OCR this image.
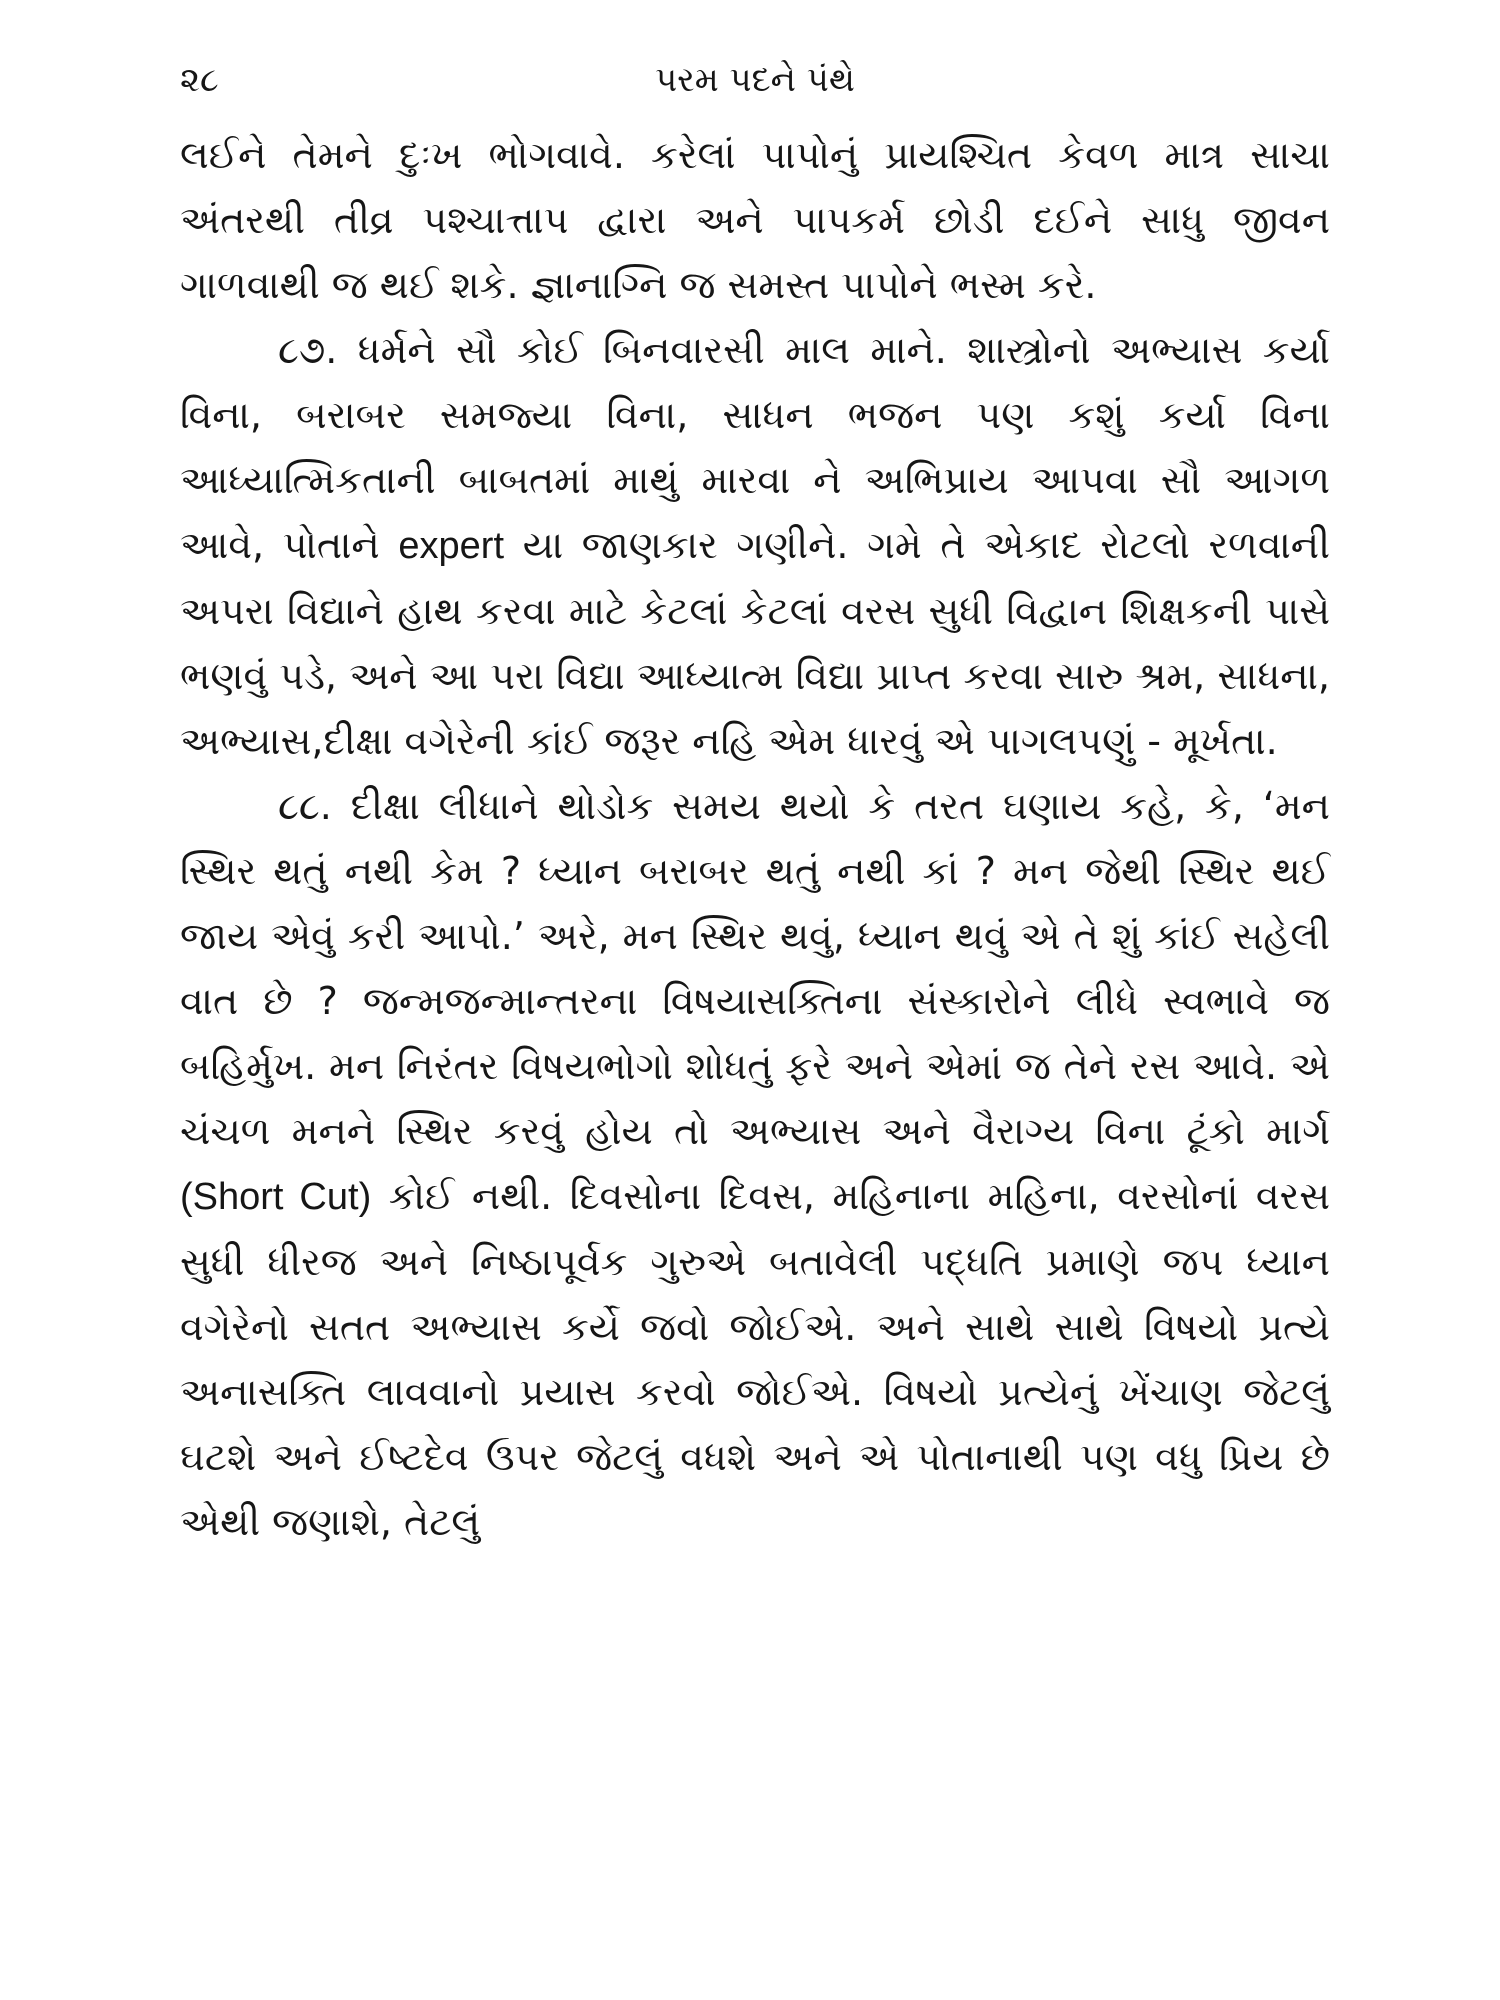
૨૮	પરમ પદને પંથે

લઈને તેમને દુઃખ ભોગવાવે. કરેલાં પાપોનું પ્રાયશ્ચિત કેવળ માત્ર સાચા અંતરથી તીવ્ર પશ્ચાત્તાપ દ્વારા અને પાપકર્મ છોડી દઈને સાધુ જીવન ગાળવાથી જ થઈ શકે. જ્ઞાનાગ્નિ જ સમસ્ત પાપોને ભસ્મ કરે.

૮૭. ધર્મને સૌ કોઈ બિનવારસી માલ માને. શાસ્ત્રોનો અભ્યાસ કર્યા વિના, બરાબર સમજ્યા વિના, સાધન ભજન પણ કશું કર્યા વિના આધ્યાત્મિકતાની બાબતમાં માથું મારવા ને અભિપ્રાય આપવા સૌ આગળ આવે, પોતાને expert યા જાણકાર ગણીને. ગમે તે એકાદ રોટલો રળવાની અપરા વિદ્યાને હાથ કરવા માટે કેટલાં કેટલાં વરસ સુધી વિદ્વાન શિક્ષકની પાસે ભણવું પડે, અને આ પરા વિદ્યા આધ્યાત્મ વિદ્યા પ્રાપ્ત કરવા સારુ શ્રમ, સાધના, અભ્યાસ,દીક્ષા વગેરેની કાંઈ જરૂર નહિ એમ ધારવું એ પાગલપણું - મૂર્ખતા.

૮૮. દીક્ષા લીધાને થોડોક સમય થયો કે તરત ઘણાય કહે, કે, ‘મન સ્થિર થતું નથી કેમ ? ધ્યાન બરાબર થતું નથી કાં ? મન જેથી સ્થિર થઈ જાય એવું કરી આપો.’ અરે, મન સ્થિર થવું, ધ્યાન થવું એ તે શું કાંઈ સહેલી વાત છે ? જન્મજન્માન્તરના વિષયાસક્તિના સંસ્કારોને લીધે સ્વભાવે જ બહિર્મુખ. મન નિરંતર વિષયભોગો શોધતું ફરે અને એમાં જ તેને રસ આવે. એ ચંચળ મનને સ્થિર કરવું હોય તો અભ્યાસ અને વૈરાગ્ય વિના ટૂંકો માર્ગ (Short Cut) કોઈ નથી. દિવસોના દિવસ, મહિનાના મહિના, વરસોનાં વરસ સુધી ધીરજ અને નિષ્ઠાપૂર્વક ગુરુએ બતાવેલી પદ્ધતિ પ્રમાણે જપ ધ્યાન વગેરેનો સતત અભ્યાસ કર્યે જવો જોઈએ. અને સાથે સાથે વિષયો પ્રત્યે અનાસક્તિ લાવવાનો પ્રયાસ કરવો જોઈએ. વિષયો પ્રત્યેનું ખેંચાણ જેટલું ઘટશે અને ઈષ્ટદેવ ઉપર જેટલું વધશે અને એ પોતાનાથી પણ વધુ પ્રિય છે એથી જણાશે, તેટલું
